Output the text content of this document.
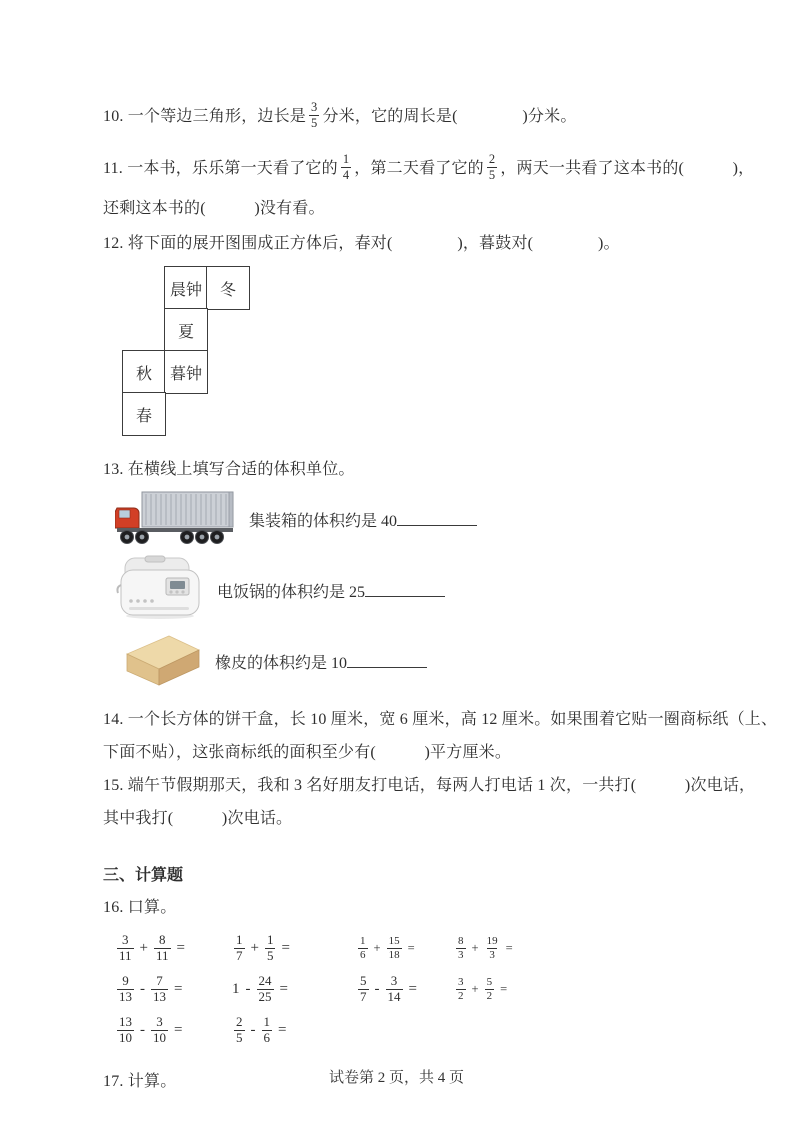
10. 一个等边三角形，边长是 $\frac{3}{5}$ 分米，它的周长是(　　　　)分米。

11. 一本书，乐乐第一天看了它的 $\frac{1}{4}$ ，第二天看了它的 $\frac{2}{5}$ ，两天一共看了这本书的(　　　)，

还剩这本书的(　　　)没有看。

12. 将下面的展开图围成正方体后，春对(　　　　)，暮鼓对(　　　　)。

晨钟	冬
夏
秋	暮钟
春

13. 在横线上填写合适的体积单位。

集装箱的体积约是 40
电饭锅的体积约是 25
橡皮的体积约是 10

14. 一个长方体的饼干盒，长 10 厘米，宽 6 厘米，高 12 厘米。如果围着它贴一圈商标纸（上、

下面不贴），这张商标纸的面积至少有(　　　)平方厘米。

15. 端午节假期那天，我和 3 名好朋友打电话，每两人打电话 1 次，一共打(　　　)次电话，

其中我打(　　　)次电话。

三、计算题

16. 口算。

$\frac{3}{11} + \frac{8}{11}$ =	$\frac{1}{7} + \frac{1}{5}$ =	$\frac{1}{6} + \frac{15}{18}$ =	$\frac{8}{3} + \frac{19}{3}$ =
$\frac{9}{13} - \frac{7}{13}$ =	$1 - \frac{24}{25}$ =	$\frac{5}{7} - \frac{3}{14}$ =	$\frac{3}{2} + \frac{5}{2}$ =
$\frac{13}{10} - \frac{3}{10}$ =	$\frac{2}{5} - \frac{1}{6}$ =

17. 计算。	试卷第 2 页，共 4 页
